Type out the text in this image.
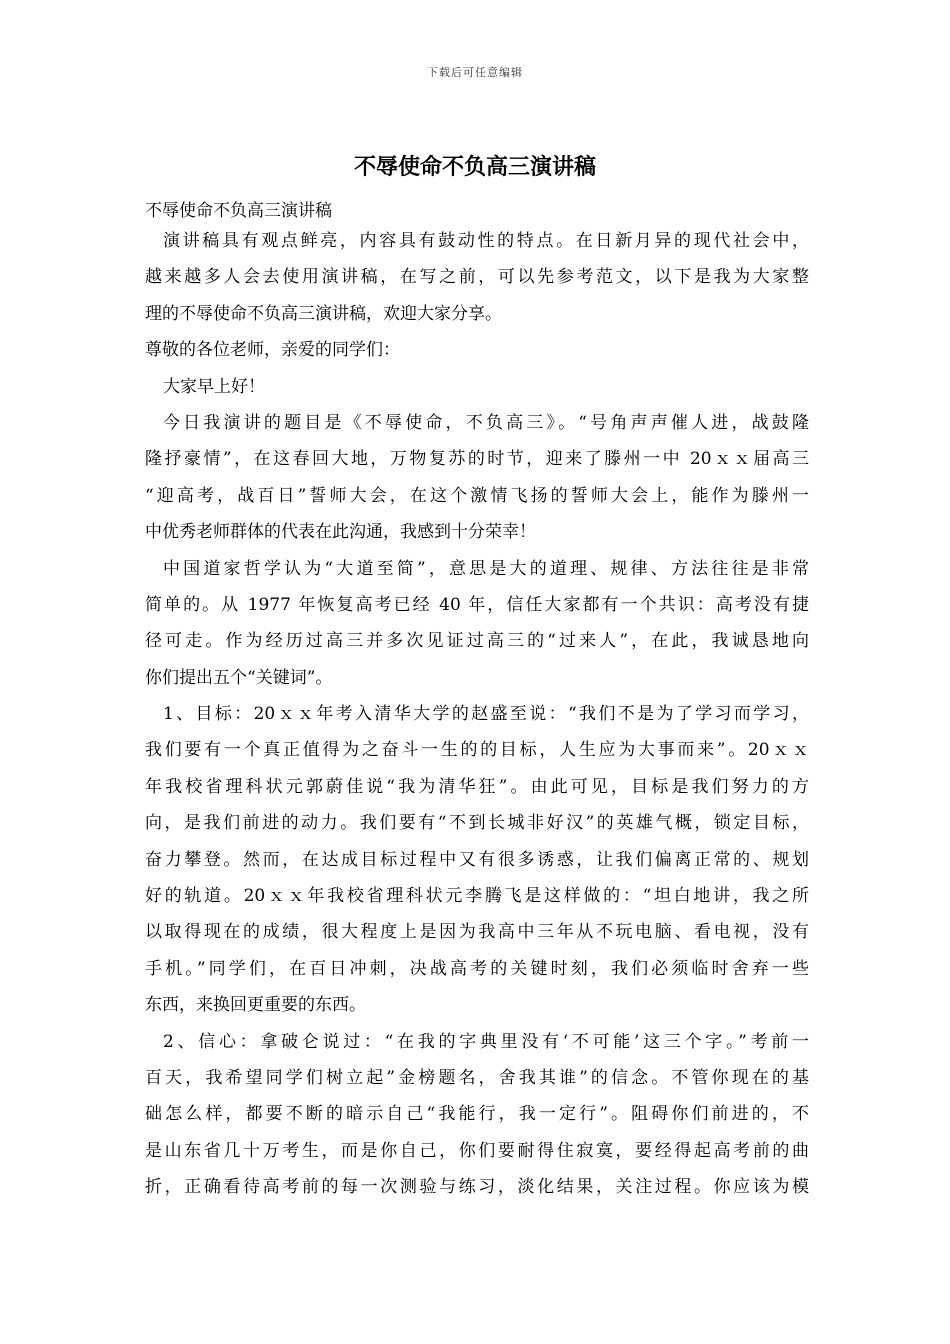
下载后可任意编辑
不辱使命不负高三演讲稿
不辱使命不负高三演讲稿
演讲稿具有观点鲜亮，内容具有鼓动性的特点。在日新月异的现代社会中，
越来越多人会去使用演讲稿，在写之前，可以先参考范文，以下是我为大家整
理的不辱使命不负高三演讲稿，欢迎大家分享。
尊敬的各位老师，亲爱的同学们：
大家早上好！
今日我演讲的题目是《不辱使命，不负高三》。“号角声声催人进，战鼓隆
隆抒豪情”，在这春回大地，万物复苏的时节，迎来了滕州一中 20ｘｘ届高三
“迎高考，战百日”誓师大会，在这个激情飞扬的誓师大会上，能作为滕州一
中优秀老师群体的代表在此沟通，我感到十分荣幸！
中国道家哲学认为“大道至简”，意思是大的道理、规律、方法往往是非常
简单的。从 1977 年恢复高考已经 40 年，信任大家都有一个共识：高考没有捷
径可走。作为经历过高三并多次见证过高三的“过来人”，在此，我诚恳地向
你们提出五个“关键词”。
1、目标：20ｘｘ年考入清华大学的赵盛至说：“我们不是为了学习而学习，
我们要有一个真正值得为之奋斗一生的的目标，人生应为大事而来”。20ｘｘ
年我校省理科状元郭蔚佳说“我为清华狂”。由此可见，目标是我们努力的方
向，是我们前进的动力。我们要有“不到长城非好汉”的英雄气概，锁定目标，
奋力攀登。然而，在达成目标过程中又有很多诱惑，让我们偏离正常的、规划
好的轨道。20ｘｘ年我校省理科状元李腾飞是这样做的：“坦白地讲，我之所
以取得现在的成绩，很大程度上是因为我高中三年从不玩电脑、看电视，没有
手机。”同学们，在百日冲刺，决战高考的关键时刻，我们必须临时舍弃一些
东西，来换回更重要的东西。
2、信心：拿破仑说过：“在我的字典里没有‘不可能’这三个字。”考前一
百天，我希望同学们树立起”金榜题名，舍我其谁”的信念。不管你现在的基
础怎么样，都要不断的暗示自己“我能行，我一定行”。阻碍你们前进的，不
是山东省几十万考生，而是你自己，你们要耐得住寂寞，要经得起高考前的曲
折，正确看待高考前的每一次测验与练习，淡化结果，关注过程。你应该为模
